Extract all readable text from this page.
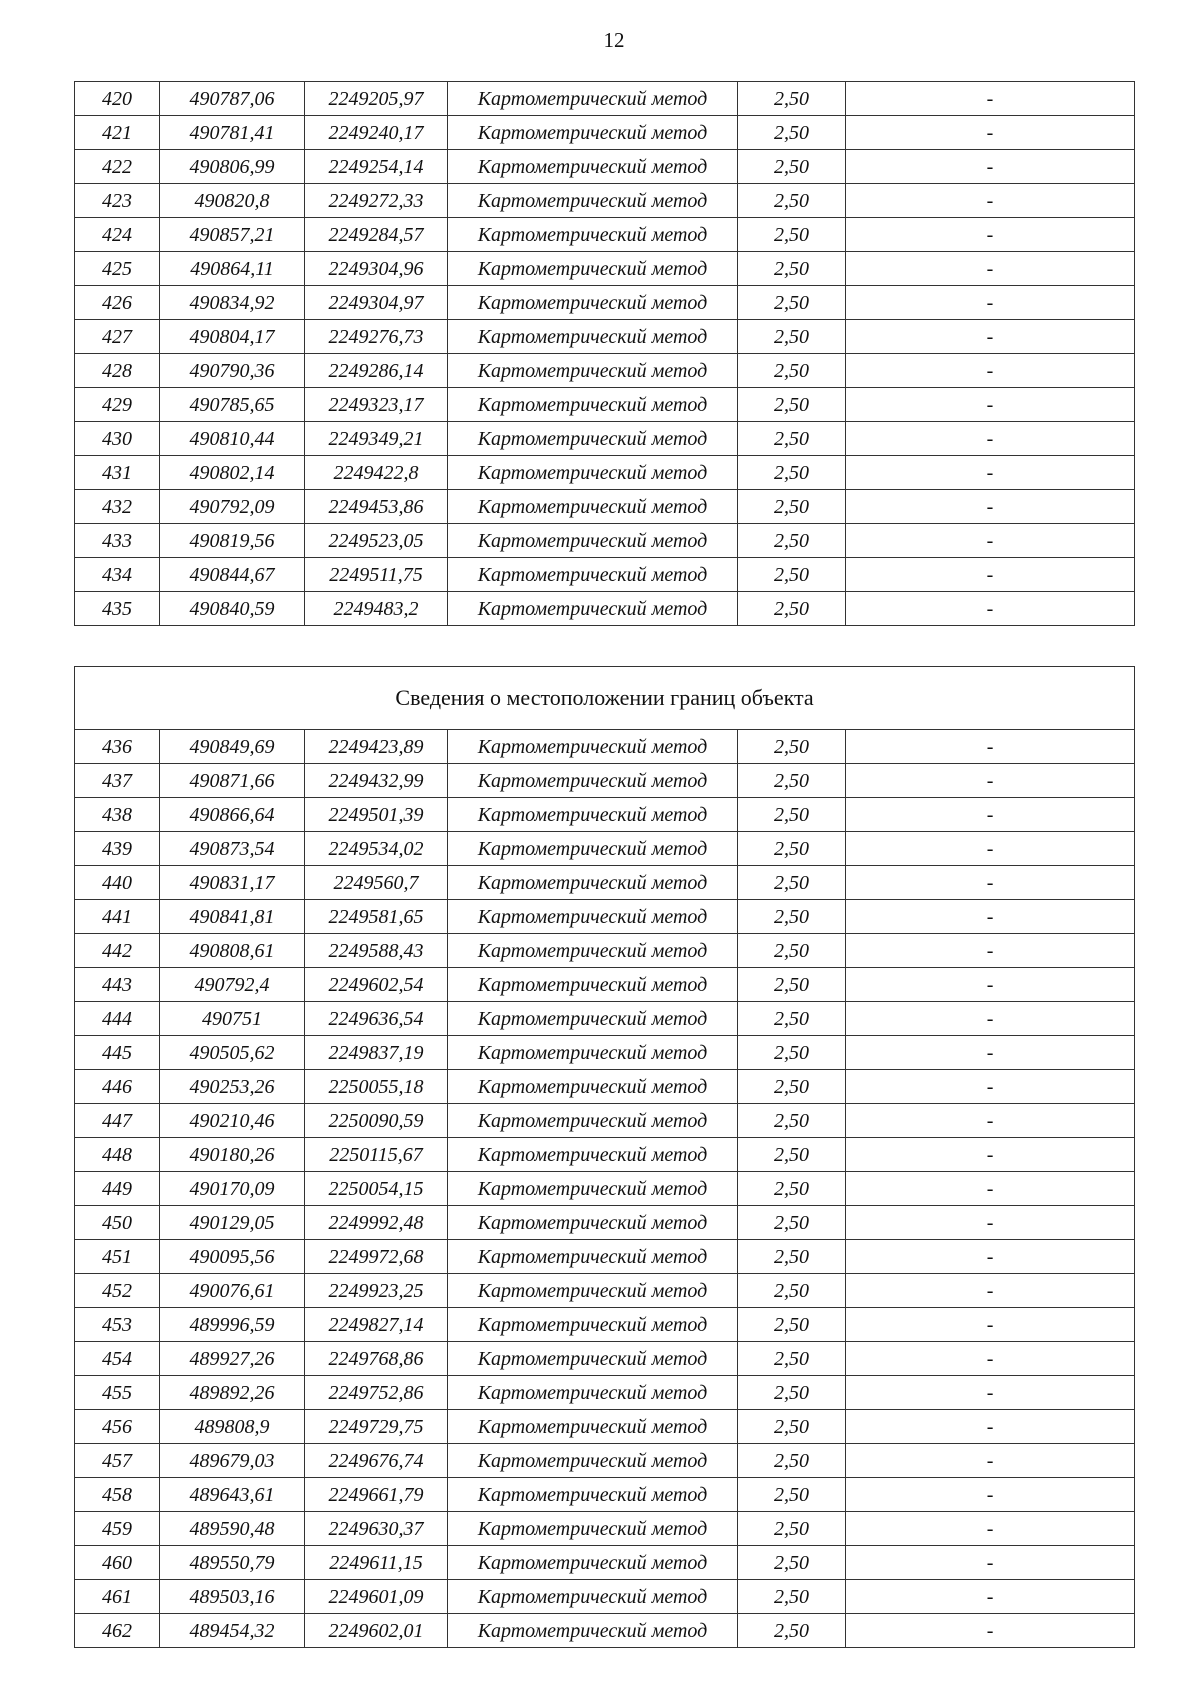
12
420	490787,06	2249205,97	Картометрический метод	2,50	-
421	490781,41	2249240,17	Картометрический метод	2,50	-
422	490806,99	2249254,14	Картометрический метод	2,50	-
423	490820,8	2249272,33	Картометрический метод	2,50	-
424	490857,21	2249284,57	Картометрический метод	2,50	-
425	490864,11	2249304,96	Картометрический метод	2,50	-
426	490834,92	2249304,97	Картометрический метод	2,50	-
427	490804,17	2249276,73	Картометрический метод	2,50	-
428	490790,36	2249286,14	Картометрический метод	2,50	-
429	490785,65	2249323,17	Картометрический метод	2,50	-
430	490810,44	2249349,21	Картометрический метод	2,50	-
431	490802,14	2249422,8	Картометрический метод	2,50	-
432	490792,09	2249453,86	Картометрический метод	2,50	-
433	490819,56	2249523,05	Картометрический метод	2,50	-
434	490844,67	2249511,75	Картометрический метод	2,50	-
435	490840,59	2249483,2	Картометрический метод	2,50	-
Сведения о местоположении границ объекта					
436	490849,69	2249423,89	Картометрический метод	2,50	-
437	490871,66	2249432,99	Картометрический метод	2,50	-
438	490866,64	2249501,39	Картометрический метод	2,50	-
439	490873,54	2249534,02	Картометрический метод	2,50	-
440	490831,17	2249560,7	Картометрический метод	2,50	-
441	490841,81	2249581,65	Картометрический метод	2,50	-
442	490808,61	2249588,43	Картометрический метод	2,50	-
443	490792,4	2249602,54	Картометрический метод	2,50	-
444	490751	2249636,54	Картометрический метод	2,50	-
445	490505,62	2249837,19	Картометрический метод	2,50	-
446	490253,26	2250055,18	Картометрический метод	2,50	-
447	490210,46	2250090,59	Картометрический метод	2,50	-
448	490180,26	2250115,67	Картометрический метод	2,50	-
449	490170,09	2250054,15	Картометрический метод	2,50	-
450	490129,05	2249992,48	Картометрический метод	2,50	-
451	490095,56	2249972,68	Картометрический метод	2,50	-
452	490076,61	2249923,25	Картометрический метод	2,50	-
453	489996,59	2249827,14	Картометрический метод	2,50	-
454	489927,26	2249768,86	Картометрический метод	2,50	-
455	489892,26	2249752,86	Картометрический метод	2,50	-
456	489808,9	2249729,75	Картометрический метод	2,50	-
457	489679,03	2249676,74	Картометрический метод	2,50	-
458	489643,61	2249661,79	Картометрический метод	2,50	-
459	489590,48	2249630,37	Картометрический метод	2,50	-
460	489550,79	2249611,15	Картометрический метод	2,50	-
461	489503,16	2249601,09	Картометрический метод	2,50	-
462	489454,32	2249602,01	Картометрический метод	2,50	-
